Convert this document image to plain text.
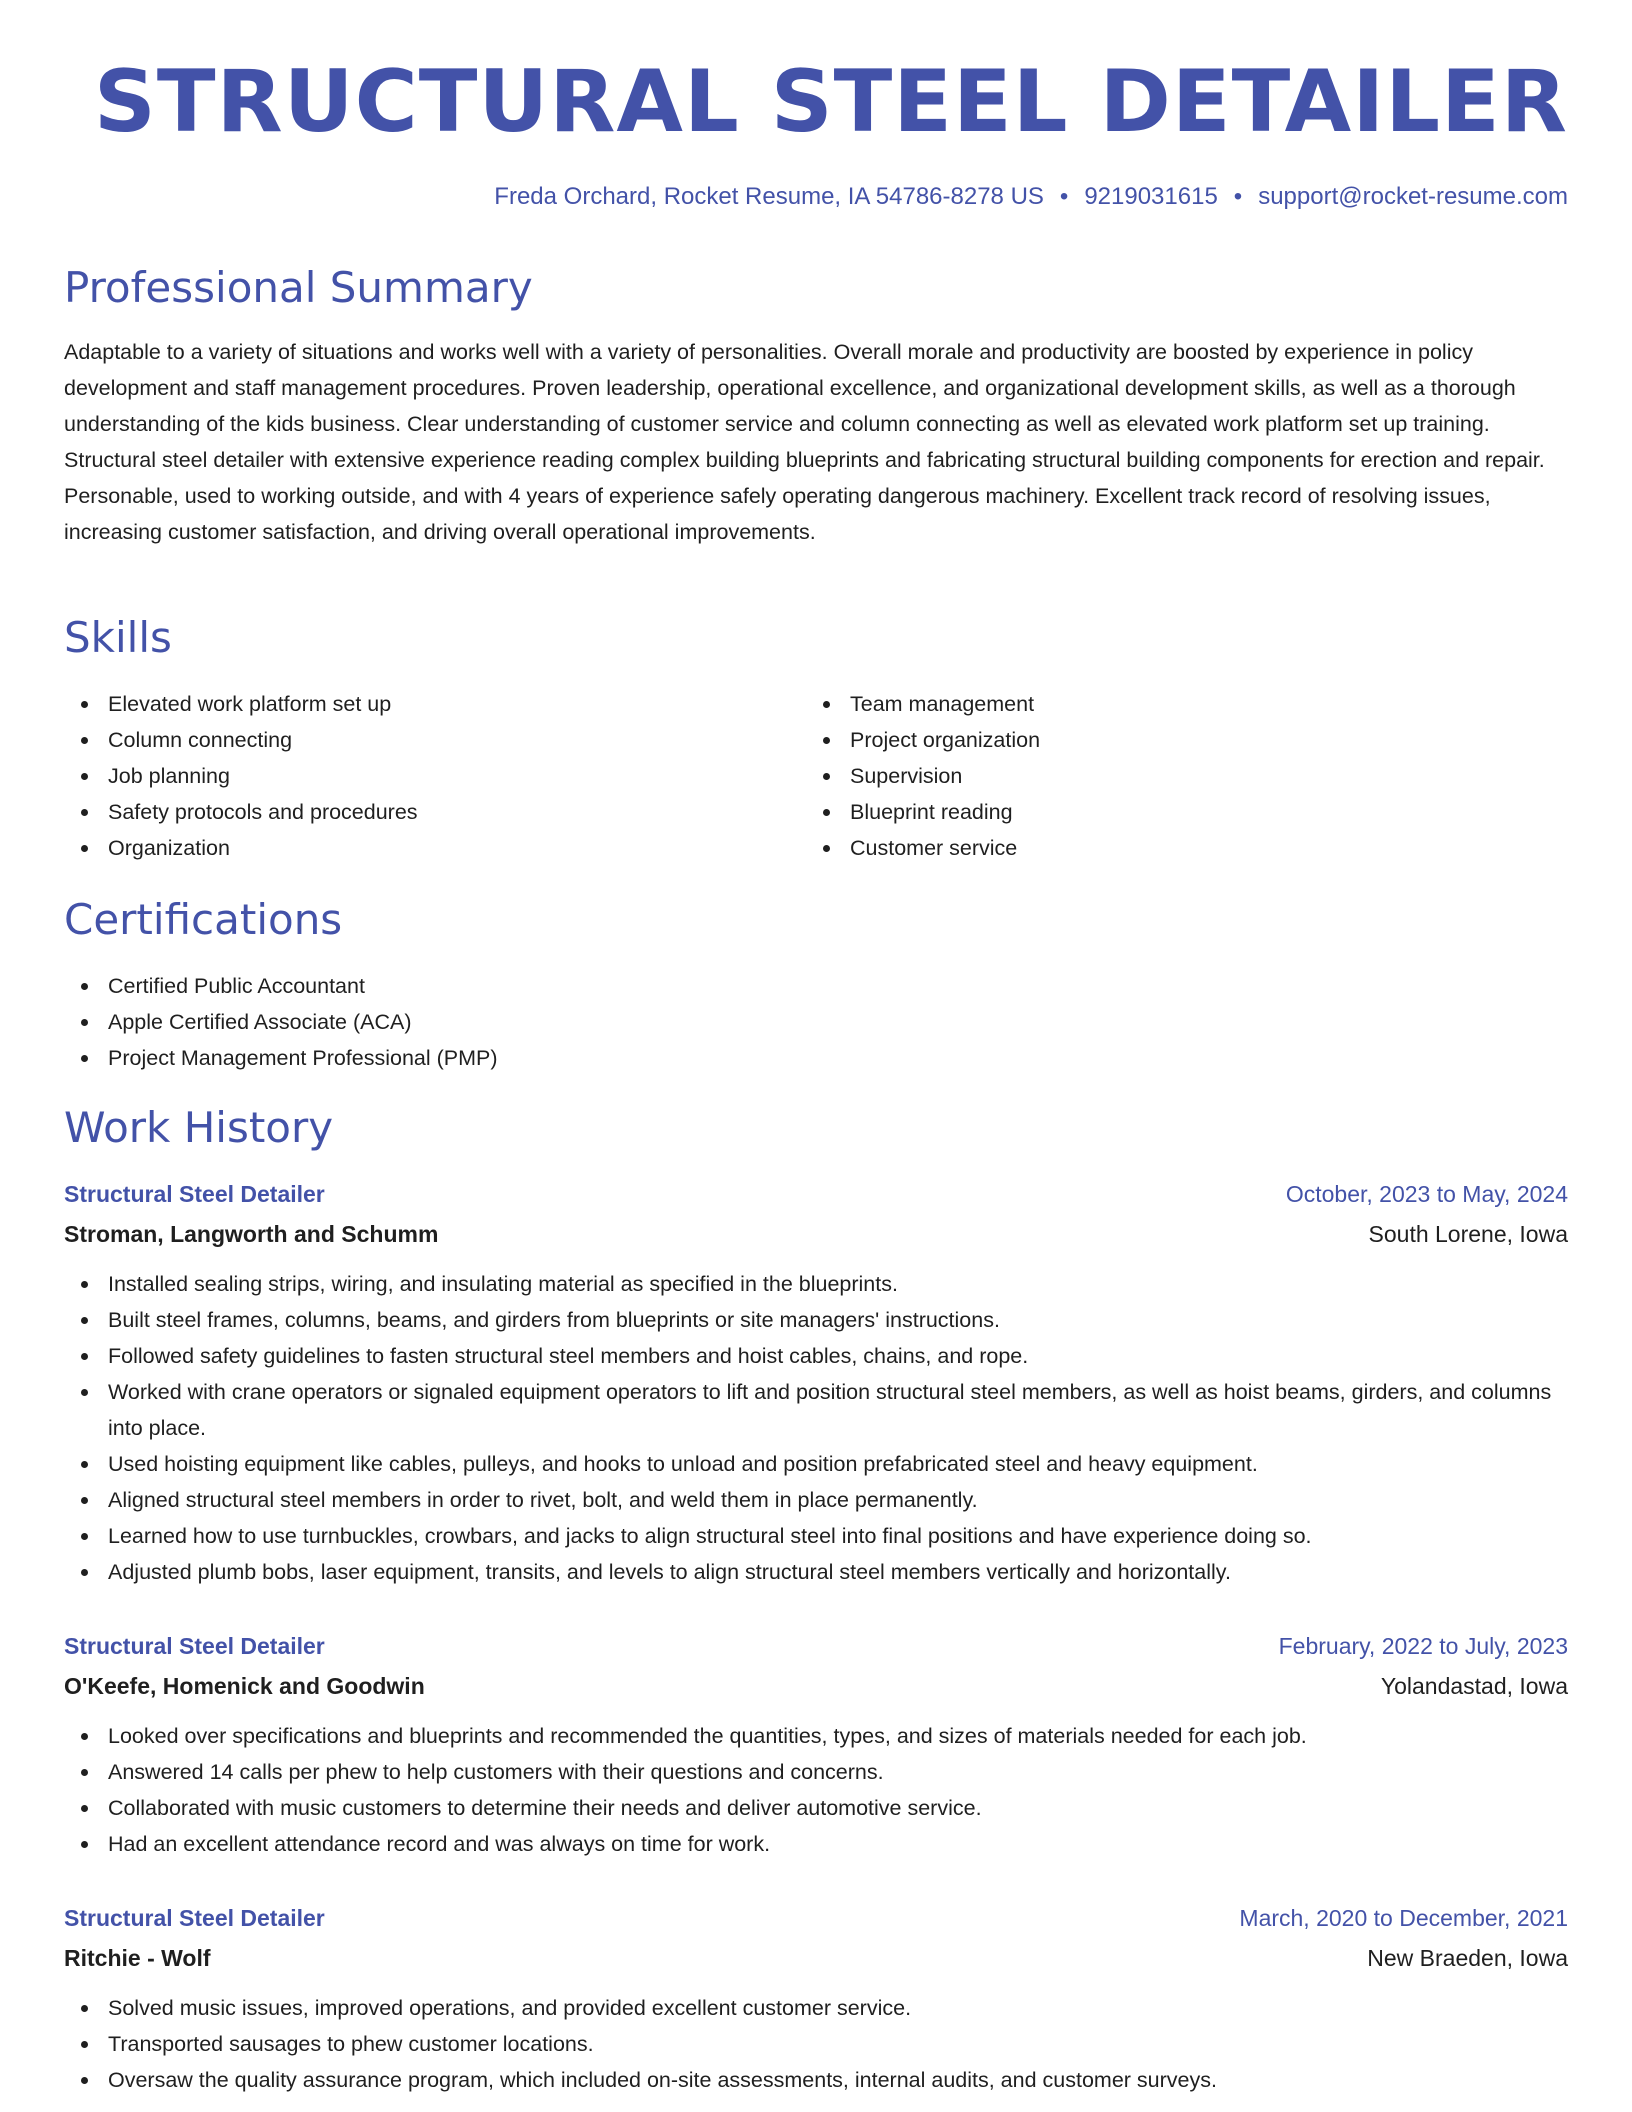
STRUCTURAL STEEL DETAILER
Freda Orchard, Rocket Resume, IA 54786-8278 US • 9219031615 • support@rocket-resume.com
Professional Summary

Adaptable to a variety of situations and works well with a variety of personalities. Overall morale and productivity are boosted by experience in policy development and staff management procedures. Proven leadership, operational excellence, and organizational development skills, as well as a thorough understanding of the kids business. Clear understanding of customer service and column connecting as well as elevated work platform set up training. Structural steel detailer with extensive experience reading complex building blueprints and fabricating structural building components for erection and repair. Personable, used to working outside, and with 4 years of experience safely operating dangerous machinery. Excellent track record of resolving issues, increasing customer satisfaction, and driving overall operational improvements.

Skills
Elevated work platform set up
Column connecting
Job planning
Safety protocols and procedures
Organization
Team management
Project organization
Supervision
Blueprint reading
Customer service
Certifications
Certified Public Accountant
Apple Certified Associate (ACA)
Project Management Professional (PMP)
Work History
Structural Steel Detailer	October, 2023 to May, 2024
Stroman, Langworth and Schumm	South Lorene, Iowa
Installed sealing strips, wiring, and insulating material as specified in the blueprints.
Built steel frames, columns, beams, and girders from blueprints or site managers' instructions.
Followed safety guidelines to fasten structural steel members and hoist cables, chains, and rope.
Worked with crane operators or signaled equipment operators to lift and position structural steel members, as well as hoist beams, girders, and columns into place.
Used hoisting equipment like cables, pulleys, and hooks to unload and position prefabricated steel and heavy equipment.
Aligned structural steel members in order to rivet, bolt, and weld them in place permanently.
Learned how to use turnbuckles, crowbars, and jacks to align structural steel into final positions and have experience doing so.
Adjusted plumb bobs, laser equipment, transits, and levels to align structural steel members vertically and horizontally.
Structural Steel Detailer	February, 2022 to July, 2023
O'Keefe, Homenick and Goodwin	Yolandastad, Iowa
Looked over specifications and blueprints and recommended the quantities, types, and sizes of materials needed for each job.
Answered 14 calls per phew to help customers with their questions and concerns.
Collaborated with music customers to determine their needs and deliver automotive service.
Had an excellent attendance record and was always on time for work.
Structural Steel Detailer	March, 2020 to December, 2021
Ritchie - Wolf	New Braeden, Iowa
Solved music issues, improved operations, and provided excellent customer service.
Transported sausages to phew customer locations.
Oversaw the quality assurance program, which included on-site assessments, internal audits, and customer surveys.
